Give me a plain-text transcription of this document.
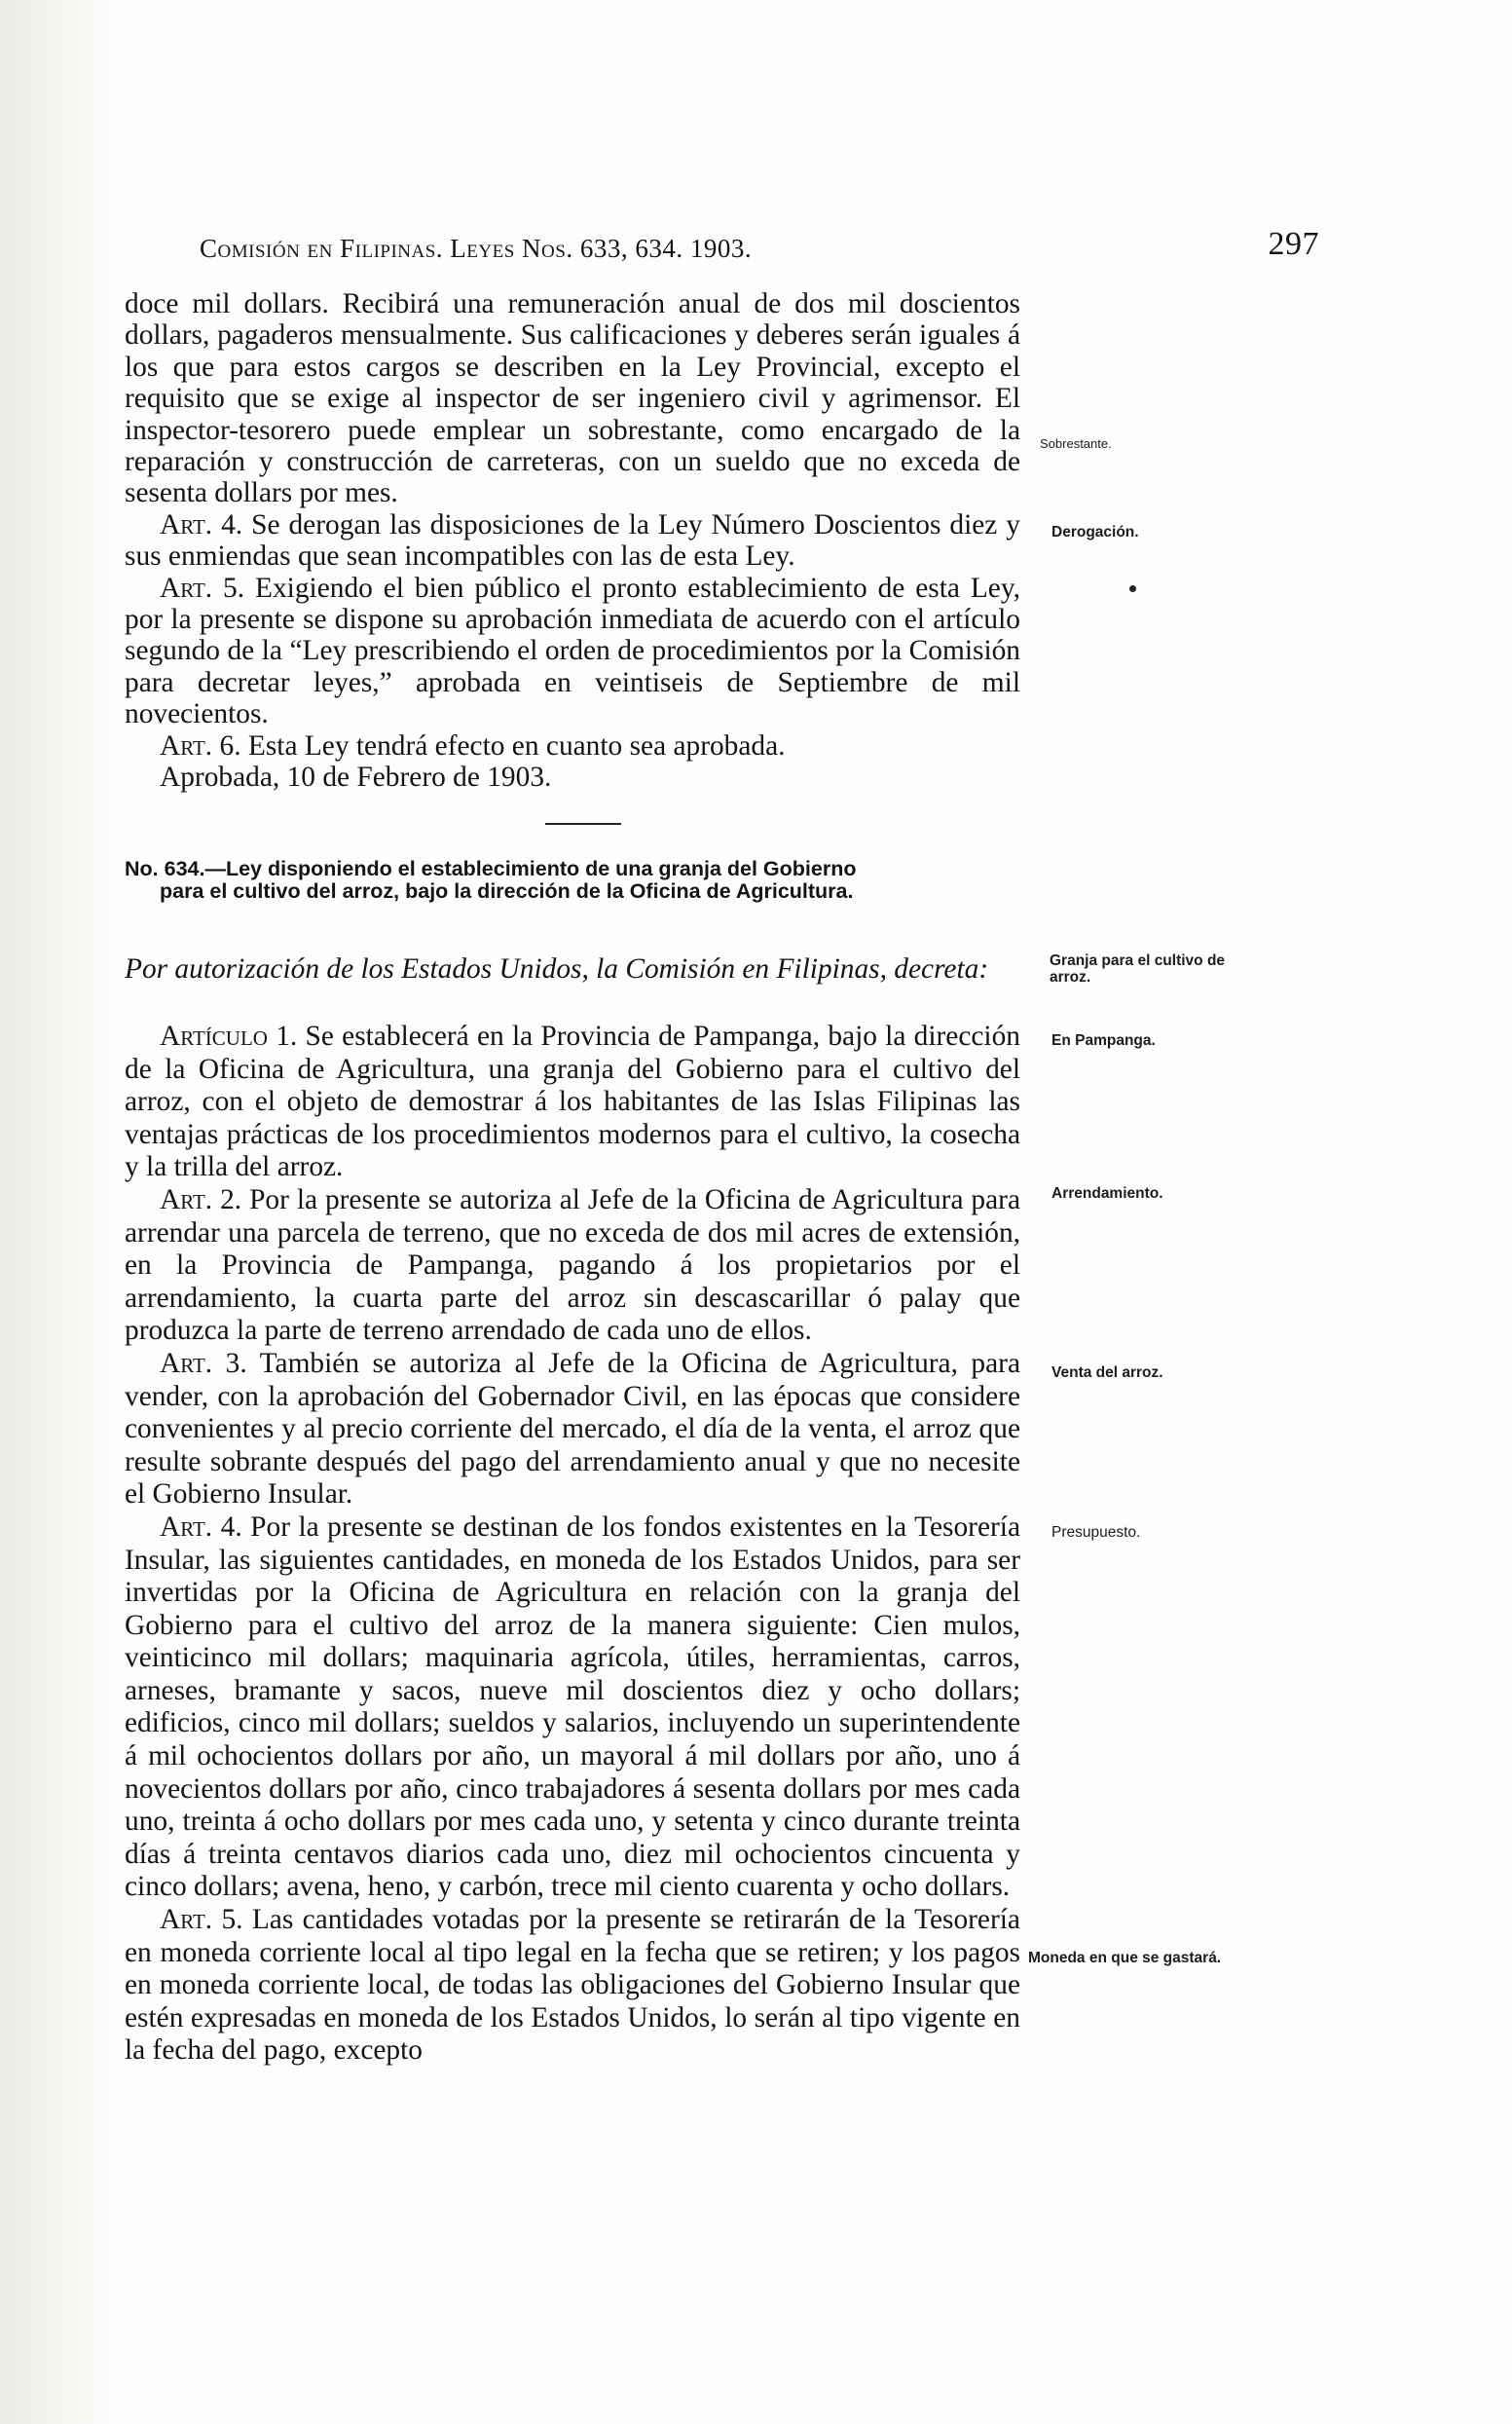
Comisión en Filipinas. Leyes Nos. 633, 634. 1903.	297

doce mil dollars. Recibirá una remuneración anual de dos mil doscientos dollars, pagaderos mensualmente. Sus calificaciones y deberes serán iguales á los que para estos cargos se describen en la Ley Provincial, excepto el requisito que se exige al inspector de ser ingeniero civil y agrimensor. El inspector-tesorero puede emplear un sobrestante, como encargado de la reparación y construcción de carreteras, con un sueldo que no exceda de sesenta dollars por mes.

Art. 4. Se derogan las disposiciones de la Ley Número Doscientos diez y sus enmiendas que sean incompatibles con las de esta Ley.

Art. 5. Exigiendo el bien público el pronto establecimiento de esta Ley, por la presente se dispone su aprobación inmediata de acuerdo con el artículo segundo de la “Ley prescribiendo el orden de procedimientos por la Comisión para decretar leyes,” aprobada en veintiseis de Septiembre de mil novecientos.

Art. 6. Esta Ley tendrá efecto en cuanto sea aprobada.

Aprobada, 10 de Febrero de 1903.

No. 634.—Ley disponiendo el establecimiento de una granja del Gobierno
para el cultivo del arroz, bajo la dirección de la Oficina de Agricultura.
Por autorización de los Estados Unidos, la Comisión en Filipinas, decreta:

Artículo 1. Se establecerá en la Provincia de Pampanga, bajo la dirección de la Oficina de Agricultura, una granja del Gobierno para el cultivo del arroz, con el objeto de demostrar á los habitantes de las Islas Filipinas las ventajas prácticas de los procedimientos modernos para el cultivo, la cosecha y la trilla del arroz.

Art. 2. Por la presente se autoriza al Jefe de la Oficina de Agricultura para arrendar una parcela de terreno, que no exceda de dos mil acres de extensión, en la Provincia de Pampanga, pagando á los propietarios por el arrendamiento, la cuarta parte del arroz sin descascarillar ó palay que produzca la parte de terreno arrendado de cada uno de ellos.

Art. 3. También se autoriza al Jefe de la Oficina de Agricultura, para vender, con la aprobación del Gobernador Civil, en las épocas que considere convenientes y al precio corriente del mercado, el día de la venta, el arroz que resulte sobrante después del pago del arrendamiento anual y que no necesite el Gobierno Insular.

Art. 4. Por la presente se destinan de los fondos existentes en la Tesorería Insular, las siguientes cantidades, en moneda de los Estados Unidos, para ser invertidas por la Oficina de Agricultura en relación con la granja del Gobierno para el cultivo del arroz de la manera siguiente: Cien mulos, veinticinco mil dollars; maquinaria agrícola, útiles, herramientas, carros, arneses, bramante y sacos, nueve mil doscientos diez y ocho dollars; edificios, cinco mil dollars; sueldos y salarios, incluyendo un superintendente á mil ochocientos dollars por año, un mayoral á mil dollars por año, uno á novecientos dollars por año, cinco trabajadores á sesenta dollars por mes cada uno, treinta á ocho dollars por mes cada uno, y setenta y cinco durante treinta días á treinta centavos diarios cada uno, diez mil ochocientos cincuenta y cinco dollars; avena, heno, y carbón, trece mil ciento cuarenta y ocho dollars.

Art. 5. Las cantidades votadas por la presente se retirarán de la Tesorería en moneda corriente local al tipo legal en la fecha que se retiren; y los pagos en moneda corriente local, de todas las obligaciones del Gobierno Insular que estén expresadas en moneda de los Estados Unidos, lo serán al tipo vigente en la fecha del pago, excepto

Sobrestante.
Derogación.
Granja para el cultivo de arroz.
En Pampanga.
Arrendamiento.
Venta del arroz.
Presupuesto.
Moneda en que se gastará.
